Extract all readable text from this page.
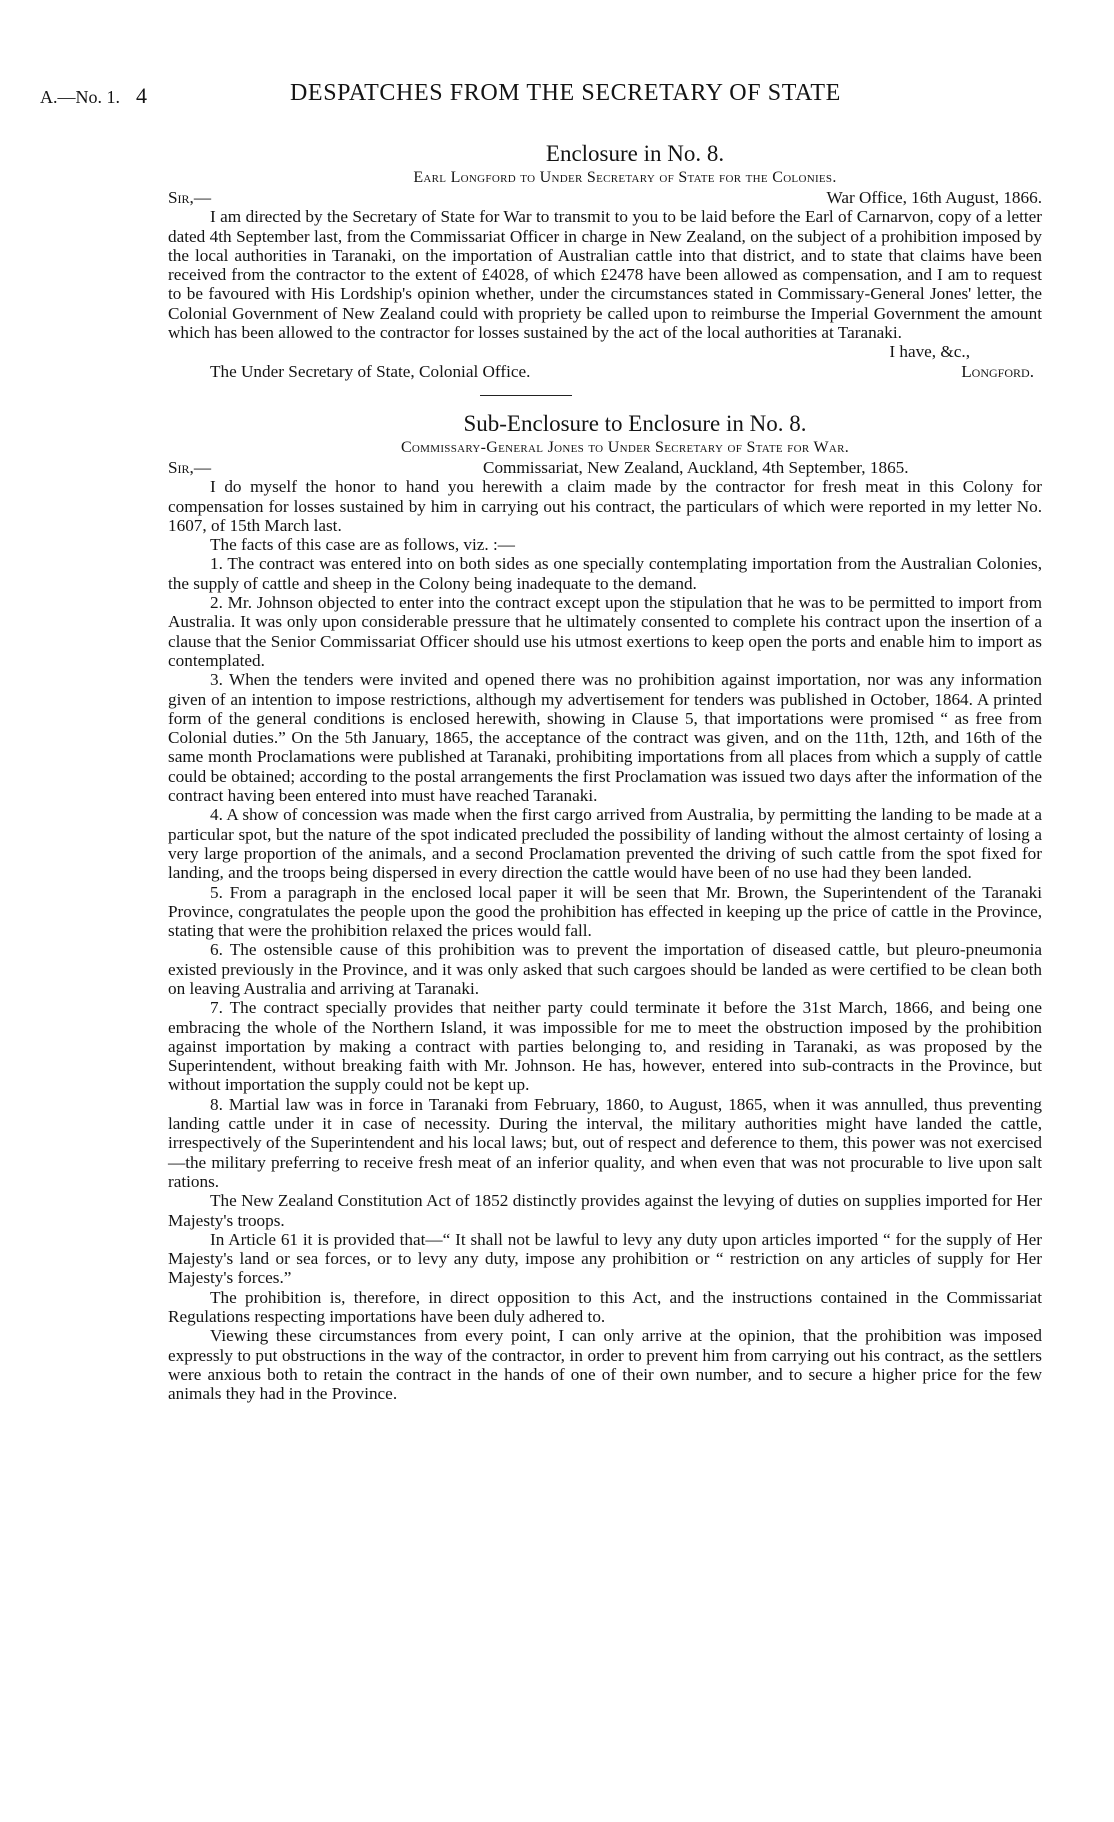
A.—No. 1. 4	DESPATCHES FROM THE SECRETARY OF STATE
Enclosure in No. 8.
Earl Longford to Under Secretary of State for the Colonies.
Sir,—	War Office, 16th August, 1866.

I am directed by the Secretary of State for War to transmit to you to be laid before the Earl of Carnarvon, copy of a letter dated 4th September last, from the Commissariat Officer in charge in New Zealand, on the subject of a prohibition imposed by the local authorities in Taranaki, on the importation of Australian cattle into that district, and to state that claims have been received from the contractor to the extent of £4028, of which £2478 have been allowed as compensation, and I am to request to be favoured with His Lordship's opinion whether, under the circumstances stated in Commissary-General Jones' letter, the Colonial Government of New Zealand could with propriety be called upon to reimburse the Imperial Government the amount which has been allowed to the contractor for losses sustained by the act of the local authorities at Taranaki.

I have, &c.,
The Under Secretary of State, Colonial Office.	Longford.
Sub-Enclosure to Enclosure in No. 8.
Commissary-General Jones to Under Secretary of State for War.
Sir,—	Commissariat, New Zealand, Auckland, 4th September, 1865.

I do myself the honor to hand you herewith a claim made by the contractor for fresh meat in this Colony for compensation for losses sustained by him in carrying out his contract, the particulars of which were reported in my letter No. 1607, of 15th March last.

The facts of this case are as follows, viz. :—

1. The contract was entered into on both sides as one specially contemplating importation from the Australian Colonies, the supply of cattle and sheep in the Colony being inadequate to the demand.

2. Mr. Johnson objected to enter into the contract except upon the stipulation that he was to be permitted to import from Australia. It was only upon considerable pressure that he ultimately consented to complete his contract upon the insertion of a clause that the Senior Commissariat Officer should use his utmost exertions to keep open the ports and enable him to import as contemplated.

3. When the tenders were invited and opened there was no prohibition against importation, nor was any information given of an intention to impose restrictions, although my advertisement for tenders was published in October, 1864. A printed form of the general conditions is enclosed herewith, showing in Clause 5, that importations were promised “ as free from Colonial duties.” On the 5th January, 1865, the acceptance of the contract was given, and on the 11th, 12th, and 16th of the same month Proclamations were published at Taranaki, prohibiting importations from all places from which a supply of cattle could be obtained; according to the postal arrangements the first Proclamation was issued two days after the information of the contract having been entered into must have reached Taranaki.

4. A show of concession was made when the first cargo arrived from Australia, by permitting the landing to be made at a particular spot, but the nature of the spot indicated precluded the possibility of landing without the almost certainty of losing a very large proportion of the animals, and a second Proclamation prevented the driving of such cattle from the spot fixed for landing, and the troops being dispersed in every direction the cattle would have been of no use had they been landed.

5. From a paragraph in the enclosed local paper it will be seen that Mr. Brown, the Superintendent of the Taranaki Province, congratulates the people upon the good the prohibition has effected in keeping up the price of cattle in the Province, stating that were the prohibition relaxed the prices would fall.

6. The ostensible cause of this prohibition was to prevent the importation of diseased cattle, but pleuro-pneumonia existed previously in the Province, and it was only asked that such cargoes should be landed as were certified to be clean both on leaving Australia and arriving at Taranaki.

7. The contract specially provides that neither party could terminate it before the 31st March, 1866, and being one embracing the whole of the Northern Island, it was impossible for me to meet the obstruction imposed by the prohibition against importation by making a contract with parties belonging to, and residing in Taranaki, as was proposed by the Superintendent, without breaking faith with Mr. Johnson. He has, however, entered into sub-contracts in the Province, but without importation the supply could not be kept up.

8. Martial law was in force in Taranaki from February, 1860, to August, 1865, when it was annulled, thus preventing landing cattle under it in case of necessity. During the interval, the military authorities might have landed the cattle, irrespectively of the Superintendent and his local laws; but, out of respect and deference to them, this power was not exercised—the military preferring to receive fresh meat of an inferior quality, and when even that was not procurable to live upon salt rations.

The New Zealand Constitution Act of 1852 distinctly provides against the levying of duties on supplies imported for Her Majesty's troops.

In Article 61 it is provided that—“ It shall not be lawful to levy any duty upon articles imported “ for the supply of Her Majesty's land or sea forces, or to levy any duty, impose any prohibition or “ restriction on any articles of supply for Her Majesty's forces.”

The prohibition is, therefore, in direct opposition to this Act, and the instructions contained in the Commissariat Regulations respecting importations have been duly adhered to.

Viewing these circumstances from every point, I can only arrive at the opinion, that the prohibition was imposed expressly to put obstructions in the way of the contractor, in order to prevent him from carrying out his contract, as the settlers were anxious both to retain the contract in the hands of one of their own number, and to secure a higher price for the few animals they had in the Province.
